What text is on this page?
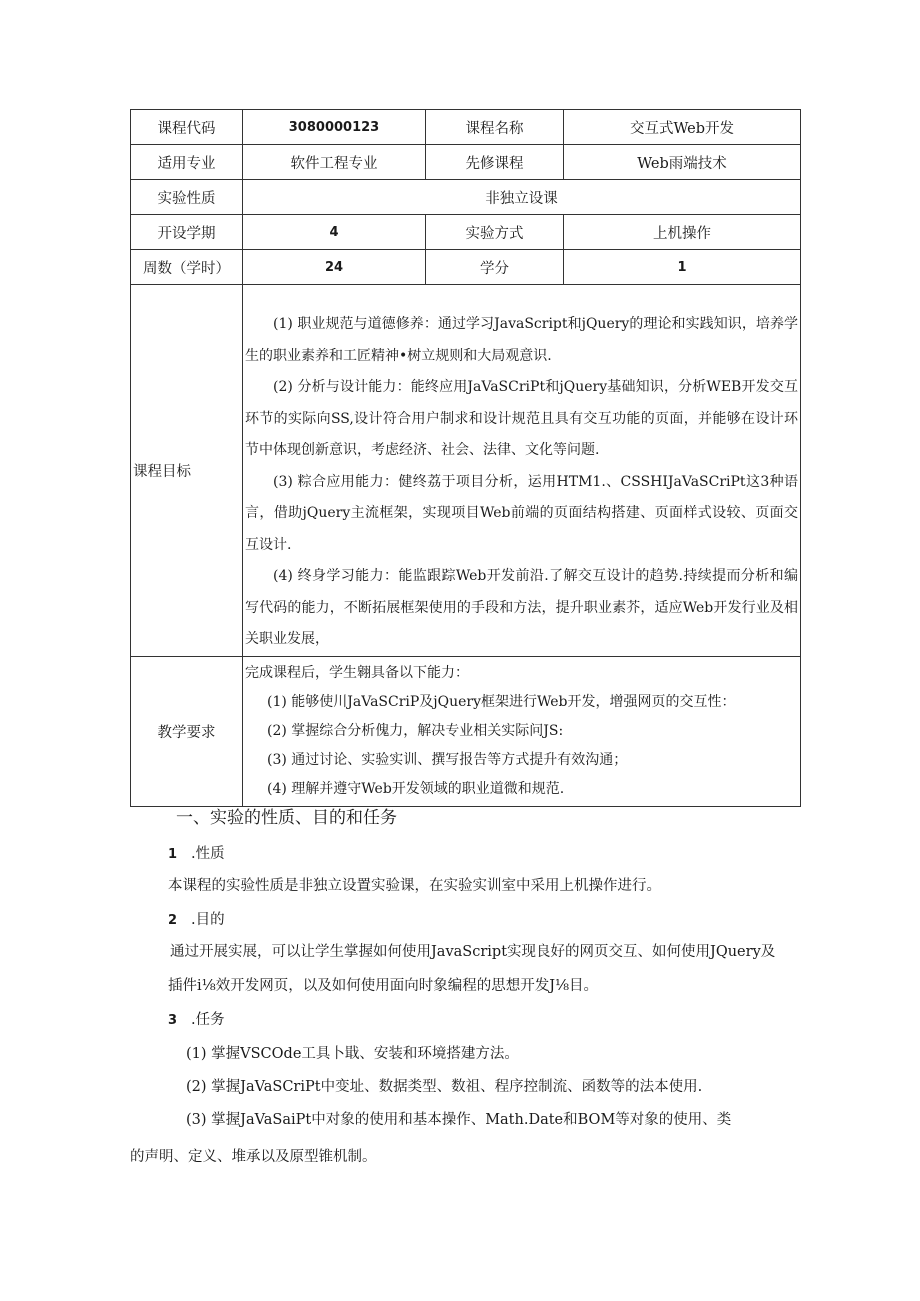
课程代码	3080000123	课程名称	交互式Web开发
适用专业	软件工程专业	先修课程	Web雨端技术
实验性质	非独立设课		
开设学期	4	实验方式	上机操作
周数（学时）	24	学分	1
课程目标	(1) 职业规范与道德修养：通过学习JavaScript和jQuery的理论和实践知识，培养学生的职业素养和工匠精神•树立规则和大局观意识.

(2) 分析与设计能力：能终应用JaVaSCriPt和jQuery基础知识，分析WEB开发交互环节的实际向SS,设计符合用户制求和设计规范且具有交互功能的页面，并能够在设计环节中体现创新意识，考虑经济、社会、法律、文化等问题.

(3) 粽合应用能力：健终荔于项目分析，运用HTM1.、CSSHIJaVaSCriPt这3种语言，借助jQuery主流框架，实现项目Web前端的页面结构搭建、页面样式设较、页面交互设计.

(4) 终身学习能力：能监跟踪Web开发前沿.了解交互设计的趋势.持续提而分析和编写代码的能力，不断拓展框架使用的手段和方法，提升职业素芥，适应Web开发行业及相关职业发展，		

教学要求	完成课程后，学生翱具备以下能力：

(1) 能够使川JaVaSCriP及jQuery框架进行Web开发，增强网页的交互性：

(2) 掌握综合分析傀力，解决专业相关实际问JS:

(3) 通过讨论、实验实训、撰写报告等方式提升有效沟通；

(4) 理解并遵守Web开发领域的职业道微和规范.		

一、实验的性质、目的和任务
1 .性质
本课程的实验性质是非独立设置实验课，在实验实训室中采用上机操作进行。
2 .目的
通过开展实展，可以让学生掌握如何使用JavaScript实现良好的网页交互、如何使用JQuery及
插件i⅛效开发网页，以及如何使用面向时象编程的思想开发J⅛目。
3 .任务
(1) 掌握VSCOde工具卜戢、安装和环境搭建方法。
(2) 掌握JaVaSCriPt中变址、数据类型、数祖、程序控制流、函数等的法本使用.
(3) 掌握JaVaSaiPt中对象的使用和基本操作、Math.Date和BOM等对象的使用、类
的声明、定义、堆承以及原型锥机制。
